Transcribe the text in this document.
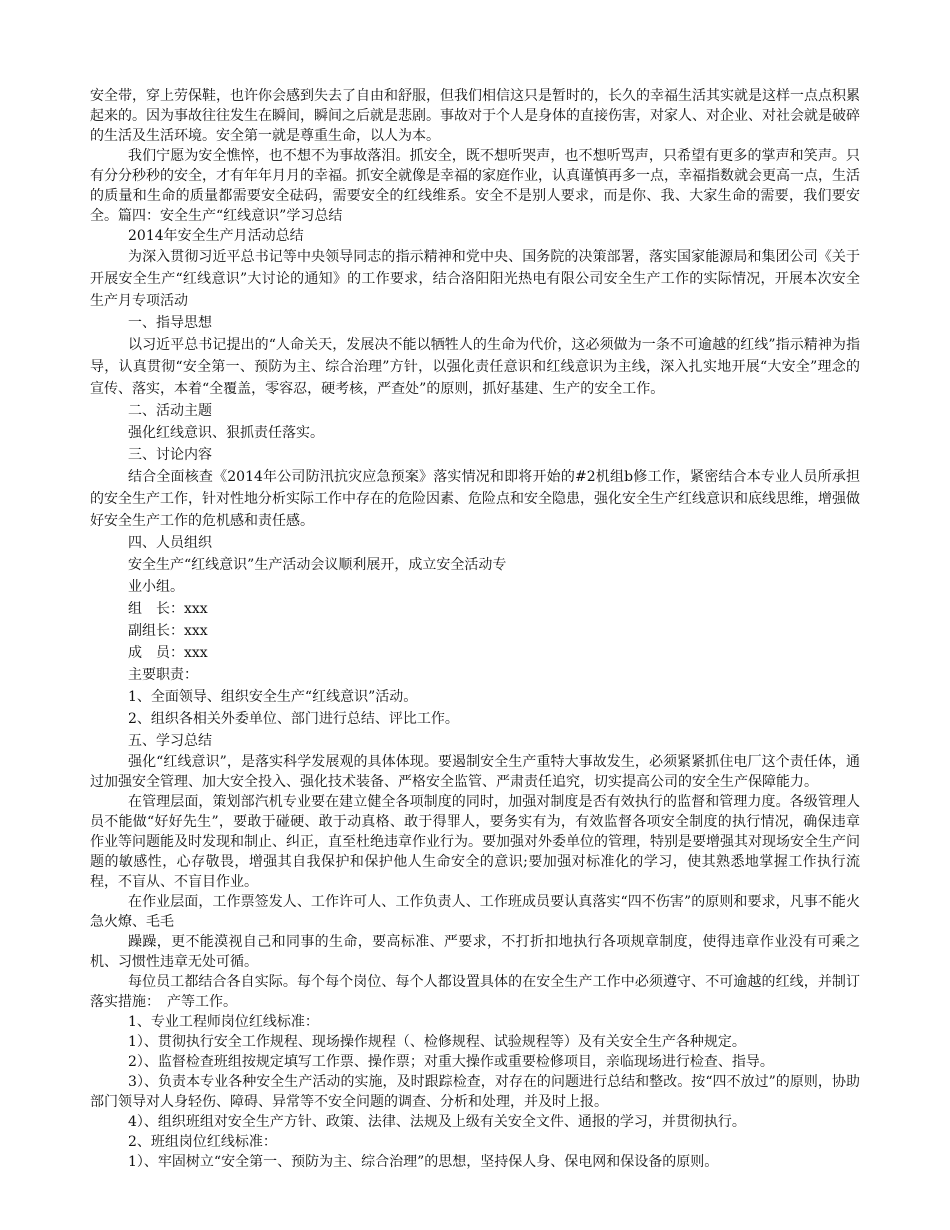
安全带，穿上劳保鞋，也许你会感到失去了自由和舒服，但我们相信这只是暂时的，长久的幸福生活其实就是这样一点点积累起来的。因为事故往往发生在瞬间，瞬间之后就是悲剧。事故对于个人是身体的直接伤害，对家人、对企业、对社会就是破碎的生活及生活环境。安全第一就是尊重生命，以人为本。

我们宁愿为安全憔悴，也不想不为事故落泪。抓安全，既不想听哭声，也不想听骂声，只希望有更多的掌声和笑声。只有分分秒秒的安全，才有年年月月的幸福。抓安全就像是幸福的家庭作业，认真谨慎再多一点，幸福指数就会更高一点，生活的质量和生命的质量都需要安全砝码，需要安全的红线维系。安全不是别人要求，而是你、我、大家生命的需要，我们要安全。篇四：安全生产“红线意识”学习总结

2014年安全生产月活动总结

为深入贯彻习近平总书记等中央领导同志的指示精神和党中央、国务院的决策部署，落实国家能源局和集团公司《关于开展安全生产“红线意识”大讨论的通知》的工作要求，结合洛阳阳光热电有限公司安全生产工作的实际情况，开展本次安全生产月专项活动

一、指导思想

以习近平总书记提出的“人命关天，发展决不能以牺牲人的生命为代价，这必须做为一条不可逾越的红线”指示精神为指导，认真贯彻“安全第一、预防为主、综合治理”方针，以强化责任意识和红线意识为主线，深入扎实地开展“大安全”理念的宣传、落实，本着“全覆盖，零容忍，硬考核，严查处”的原则，抓好基建、生产的安全工作。

二、活动主题

强化红线意识、狠抓责任落实。

三、讨论内容

结合全面核查《2014年公司防汛抗灾应急预案》落实情况和即将开始的#2机组b修工作，紧密结合本专业人员所承担的安全生产工作，针对性地分析实际工作中存在的危险因素、危险点和安全隐患，强化安全生产红线意识和底线思维，增强做好安全生产工作的危机感和责任感。

四、人员组织

安全生产“红线意识”生产活动会议顺利展开，成立安全活动专

业小组。

组　长：xxx

副组长：xxx

成　员：xxx

主要职责：

1、全面领导、组织安全生产“红线意识”活动。

2、组织各相关外委单位、部门进行总结、评比工作。

五、学习总结

强化“红线意识”，是落实科学发展观的具体体现。要遏制安全生产重特大事故发生，必须紧紧抓住电厂这个责任体，通过加强安全管理、加大安全投入、强化技术装备、严格安全监管、严肃责任追究，切实提高公司的安全生产保障能力。

在管理层面，策划部汽机专业要在建立健全各项制度的同时，加强对制度是否有效执行的监督和管理力度。各级管理人员不能做“好好先生”，要敢于碰硬、敢于动真格、敢于得罪人，要务实有为，有效监督各项安全制度的执行情况，确保违章作业等问题能及时发现和制止、纠正，直至杜绝违章作业行为。要加强对外委单位的管理，特别是要增强其对现场安全生产问题的敏感性，心存敬畏，增强其自我保护和保护他人生命安全的意识;要加强对标准化的学习，使其熟悉地掌握工作执行流程，不盲从、不盲目作业。

在作业层面，工作票签发人、工作许可人、工作负责人、工作班成员要认真落实“四不伤害”的原则和要求，凡事不能火急火燎、毛毛

躁躁，更不能漠视自己和同事的生命，要高标准、严要求，不打折扣地执行各项规章制度，使得违章作业没有可乘之机、习惯性违章无处可循。

每位员工都结合各自实际。每个每个岗位、每个人都设置具体的在安全生产工作中必须遵守、不可逾越的红线，并制订落实措施：　产等工作。

1、专业工程师岗位红线标准：

1）、贯彻执行安全工作规程、现场操作规程（、检修规程、试验规程等）及有关安全生产各种规定。

2）、监督检查班组按规定填写工作票、操作票；对重大操作或重要检修项目，亲临现场进行检查、指导。

3）、负责本专业各种安全生产活动的实施，及时跟踪检查，对存在的问题进行总结和整改。按“四不放过”的原则，协助部门领导对人身轻伤、障碍、异常等不安全问题的调查、分析和处理，并及时上报。

4）、组织班组对安全生产方针、政策、法律、法规及上级有关安全文件、通报的学习，并贯彻执行。

2、班组岗位红线标准：

1）、牢固树立“安全第一、预防为主、综合治理”的思想，坚持保人身、保电网和保设备的原则。
